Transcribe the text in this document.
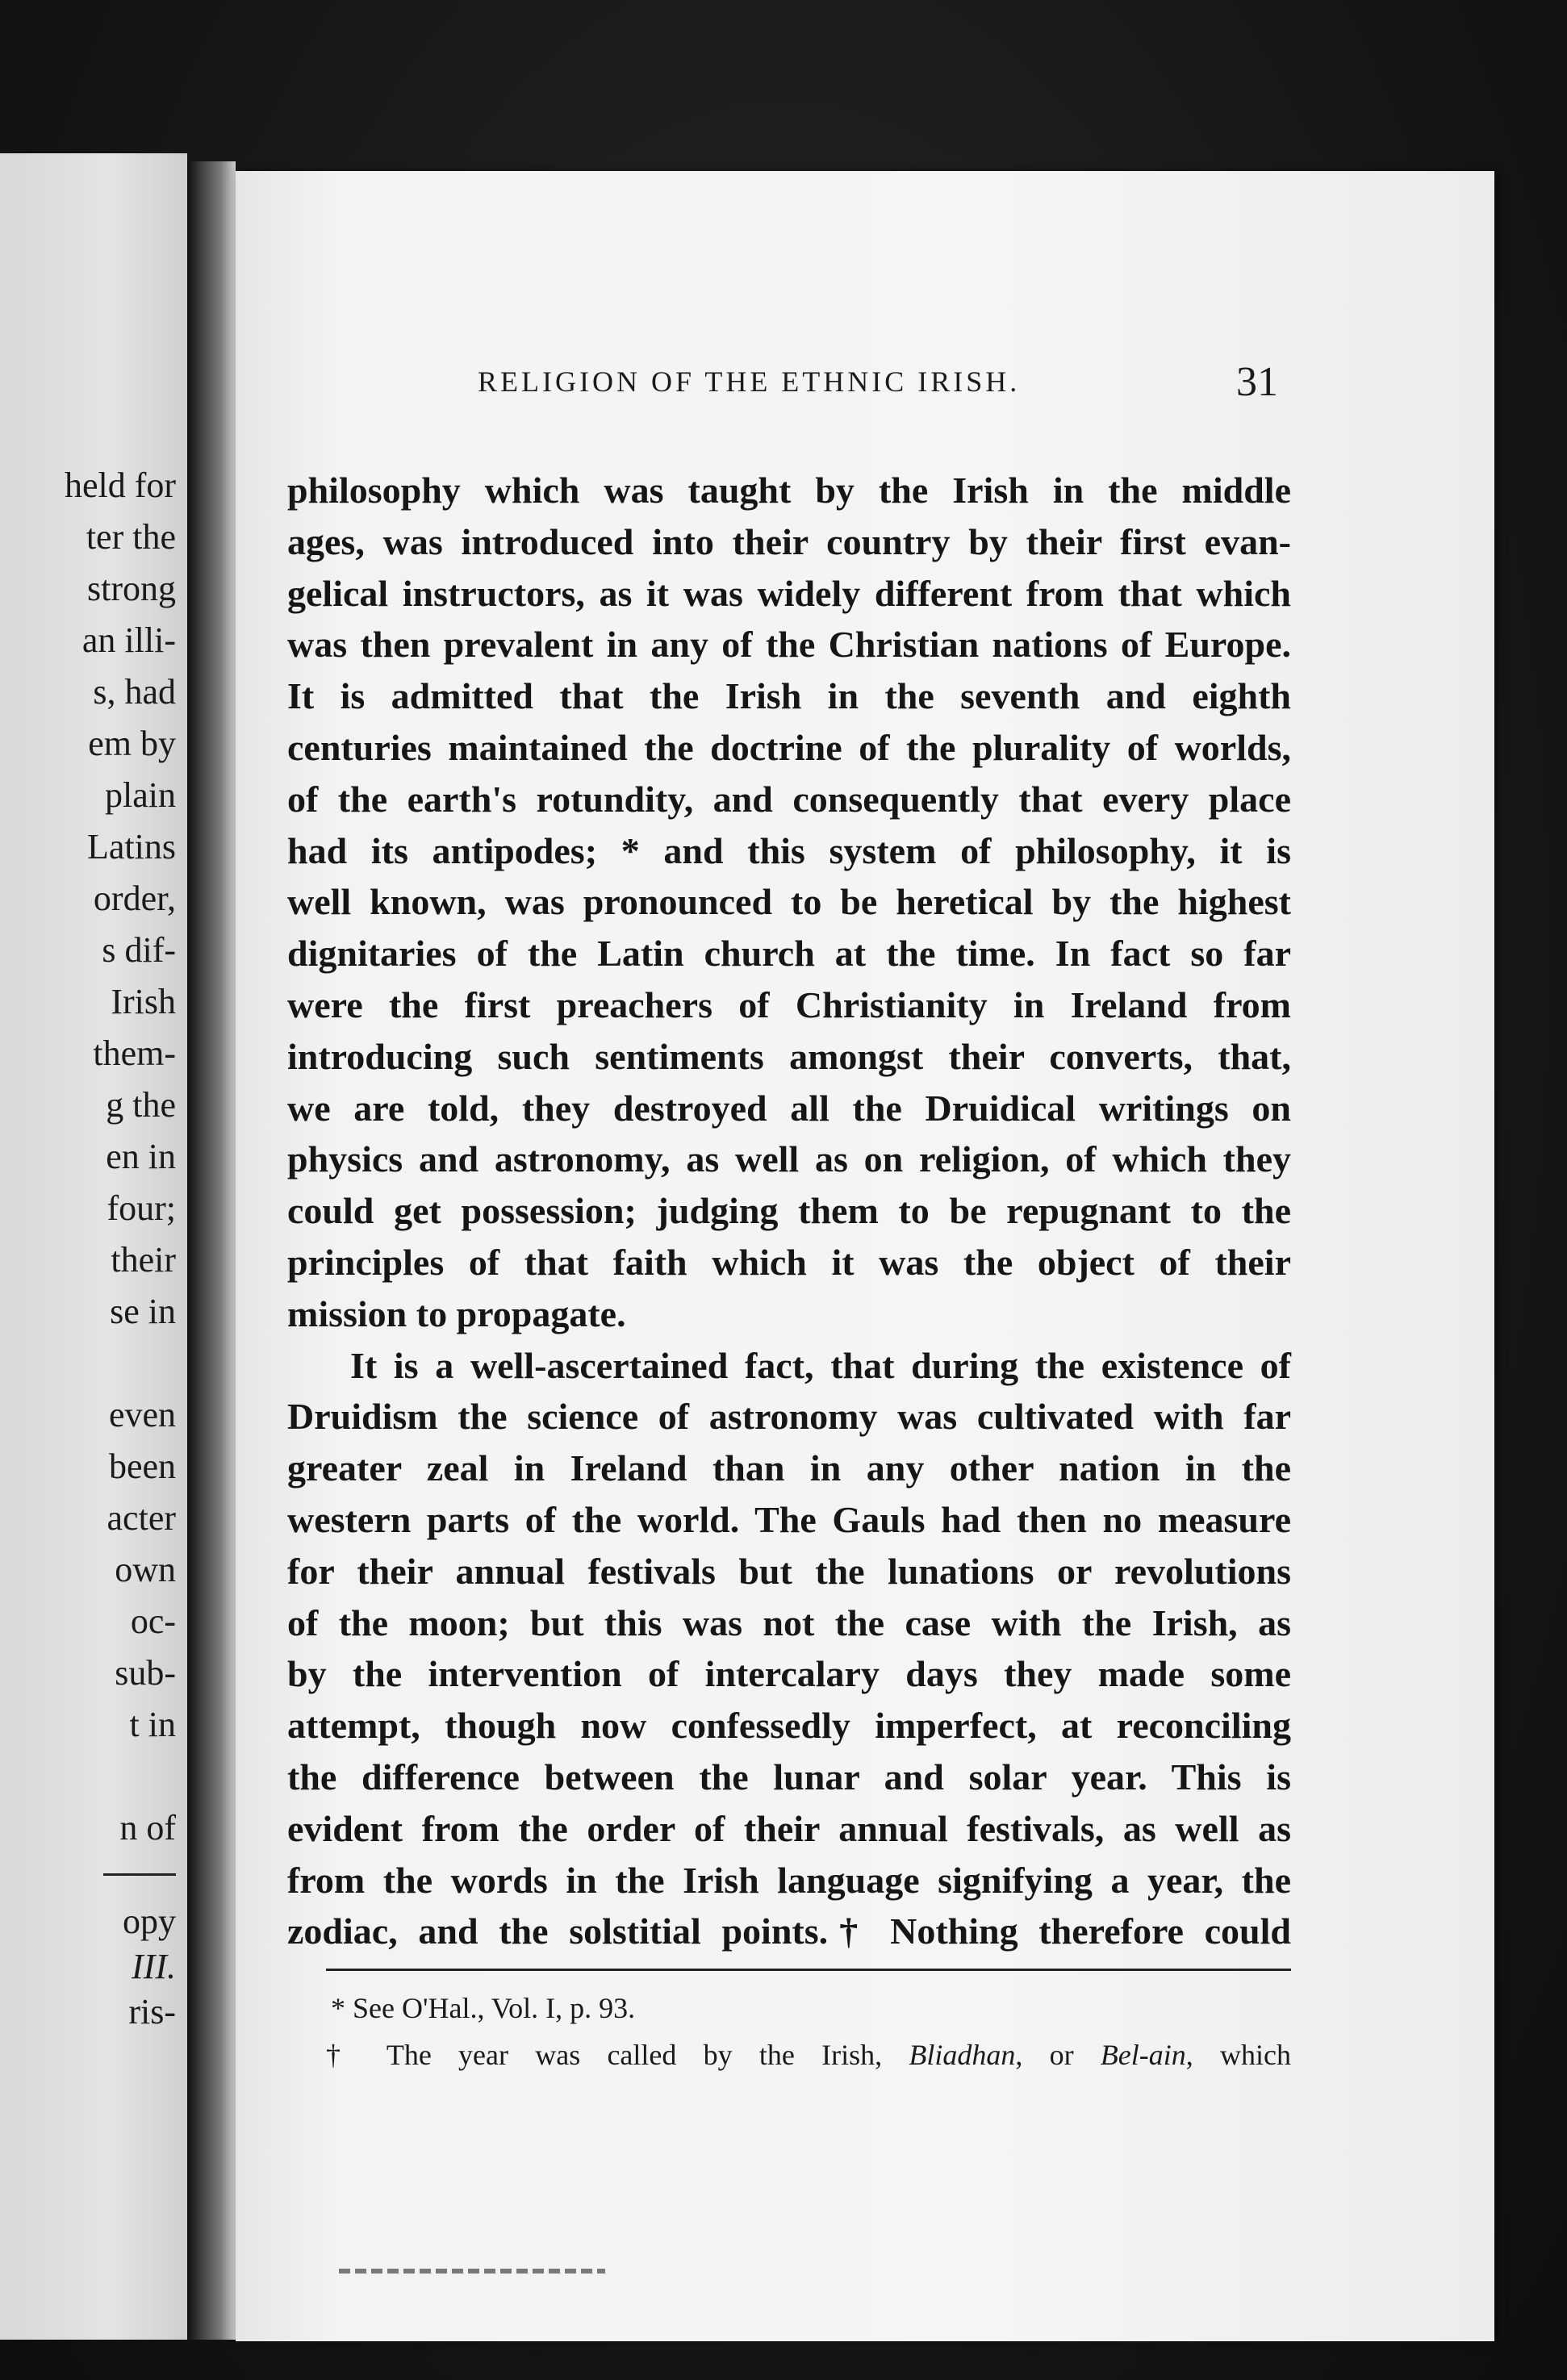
held for
ter the
strong
an illi-
s, had
em by
plain
Latins
order,
s dif-
Irish
them-
g the
en in
four;
their
se in
even
been
acter
own
oc-
sub-
t in
n of
opy
III.
ris-
RELIGION OF THE ETHNIC IRISH.	31
philosophy which was taught by the Irish in the middle
ages, was introduced into their country by their first evan-
gelical instructors, as it was widely different from that which
was then prevalent in any of the Christian nations of Europe.
It is admitted that the Irish in the seventh and eighth
centuries maintained the doctrine of the plurality of worlds,
of the earth's rotundity, and consequently that every place
had its antipodes; * and this system of philosophy, it is
well known, was pronounced to be heretical by the highest
dignitaries of the Latin church at the time. In fact so far
were the first preachers of Christianity in Ireland from
introducing such sentiments amongst their converts, that,
we are told, they destroyed all the Druidical writings on
physics and astronomy, as well as on religion, of which they
could get possession; judging them to be repugnant to the
principles of that faith which it was the object of their
mission to propagate.
It is a well-ascertained fact, that during the existence of
Druidism the science of astronomy was cultivated with far
greater zeal in Ireland than in any other nation in the
western parts of the world. The Gauls had then no measure
for their annual festivals but the lunations or revolutions
of the moon; but this was not the case with the Irish, as
by the intervention of intercalary days they made some
attempt, though now confessedly imperfect, at reconciling
the difference between the lunar and solar year. This is
evident from the order of their annual festivals, as well as
from the words in the Irish language signifying a year, the
zodiac, and the solstitial points.† Nothing therefore could
* See O'Hal., Vol. I, p. 93.
† The year was called by the Irish, Bliadhan, or Bel-ain, which
